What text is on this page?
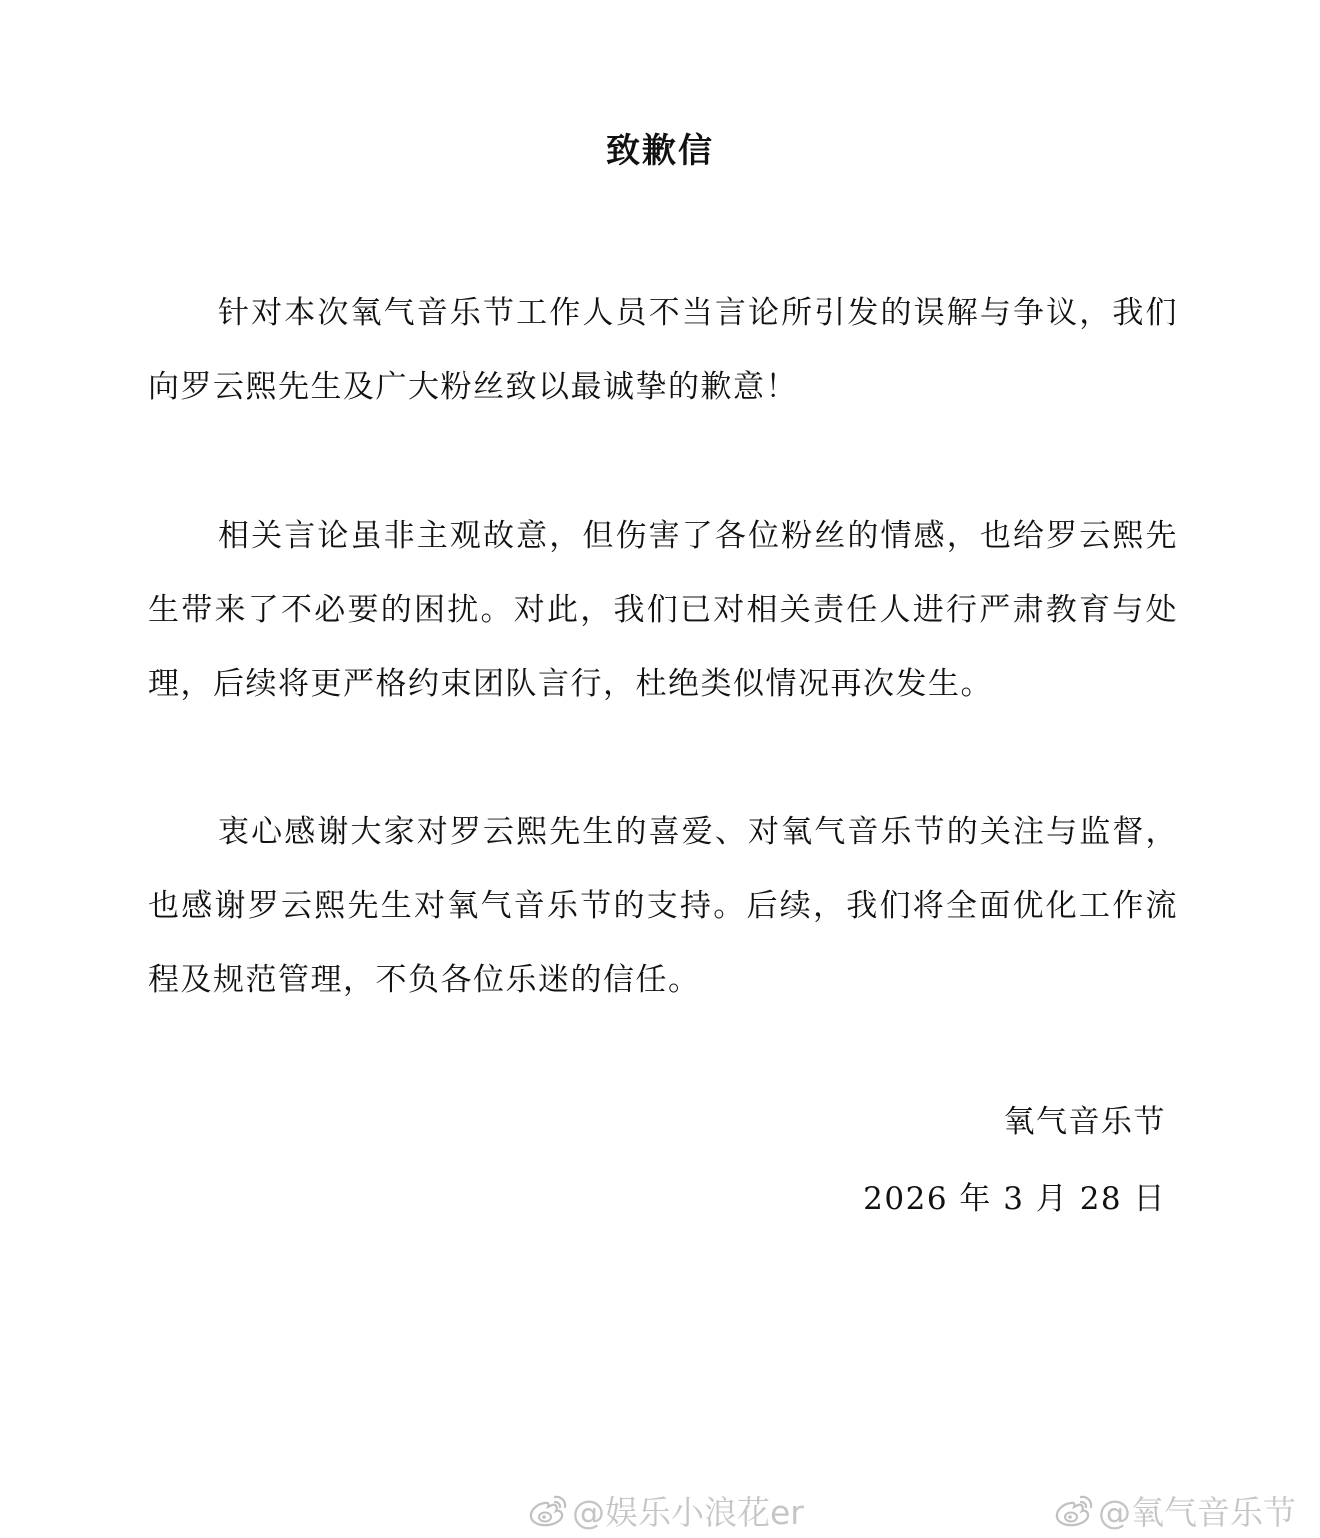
致歉信

针对本次氧气音乐节工作人员不当言论所引发的误解与争议，我们向罗云熙先生及广大粉丝致以最诚挚的歉意！

相关言论虽非主观故意，但伤害了各位粉丝的情感，也给罗云熙先生带来了不必要的困扰。对此，我们已对相关责任人进行严肃教育与处理，后续将更严格约束团队言行，杜绝类似情况再次发生。

衷心感谢大家对罗云熙先生的喜爱、对氧气音乐节的关注与监督，也感谢罗云熙先生对氧气音乐节的支持。后续，我们将全面优化工作流程及规范管理，不负各位乐迷的信任。

氧气音乐节

2026 年 3 月 28 日

@娱乐小浪花er	@氧气音乐节
